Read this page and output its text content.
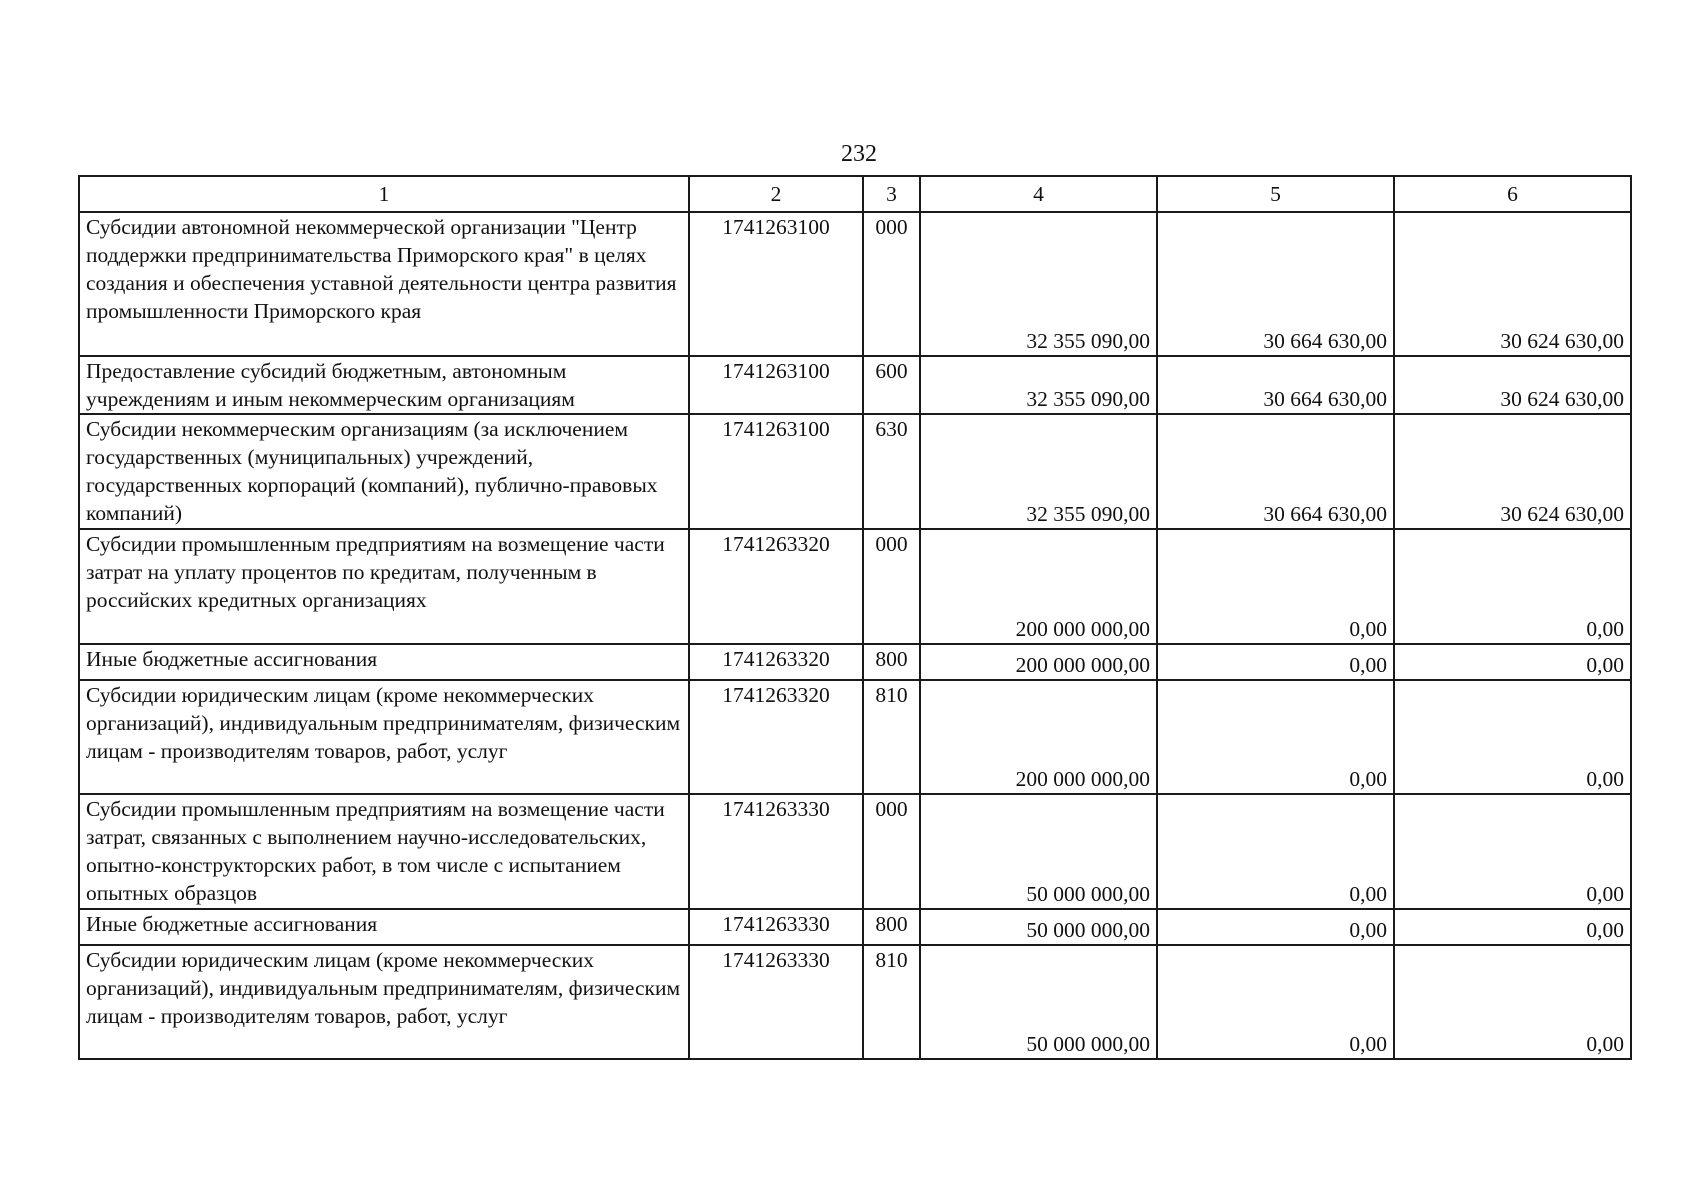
232
1	2	3	4	5	6
Субсидии автономной некоммерческой организации "Центр поддержки предпринимательства Приморского края" в целях создания и обеспечения уставной деятельности центра развития промышленности Приморского края	1741263100	000	32 355 090,00	30 664 630,00	30 624 630,00
Предоставление субсидий бюджетным, автономным учреждениям и иным некоммерческим организациям	1741263100	600	32 355 090,00	30 664 630,00	30 624 630,00
Субсидии некоммерческим организациям (за исключением государственных (муниципальных) учреждений, государственных корпораций (компаний), публично-правовых компаний)	1741263100	630	32 355 090,00	30 664 630,00	30 624 630,00
Субсидии промышленным предприятиям на возмещение части затрат на уплату процентов по кредитам, полученным в российских кредитных организациях	1741263320	000	200 000 000,00	0,00	0,00
Иные бюджетные ассигнования	1741263320	800	200 000 000,00	0,00	0,00
Субсидии юридическим лицам (кроме некоммерческих организаций), индивидуальным предпринимателям, физическим лицам - производителям товаров, работ, услуг	1741263320	810	200 000 000,00	0,00	0,00
Субсидии промышленным предприятиям на возмещение части затрат, связанных с выполнением научно-исследовательских, опытно-конструкторских работ, в том числе с испытанием опытных образцов	1741263330	000	50 000 000,00	0,00	0,00
Иные бюджетные ассигнования	1741263330	800	50 000 000,00	0,00	0,00
Субсидии юридическим лицам (кроме некоммерческих организаций), индивидуальным предпринимателям, физическим лицам - производителям товаров, работ, услуг	1741263330	810	50 000 000,00	0,00	0,00
